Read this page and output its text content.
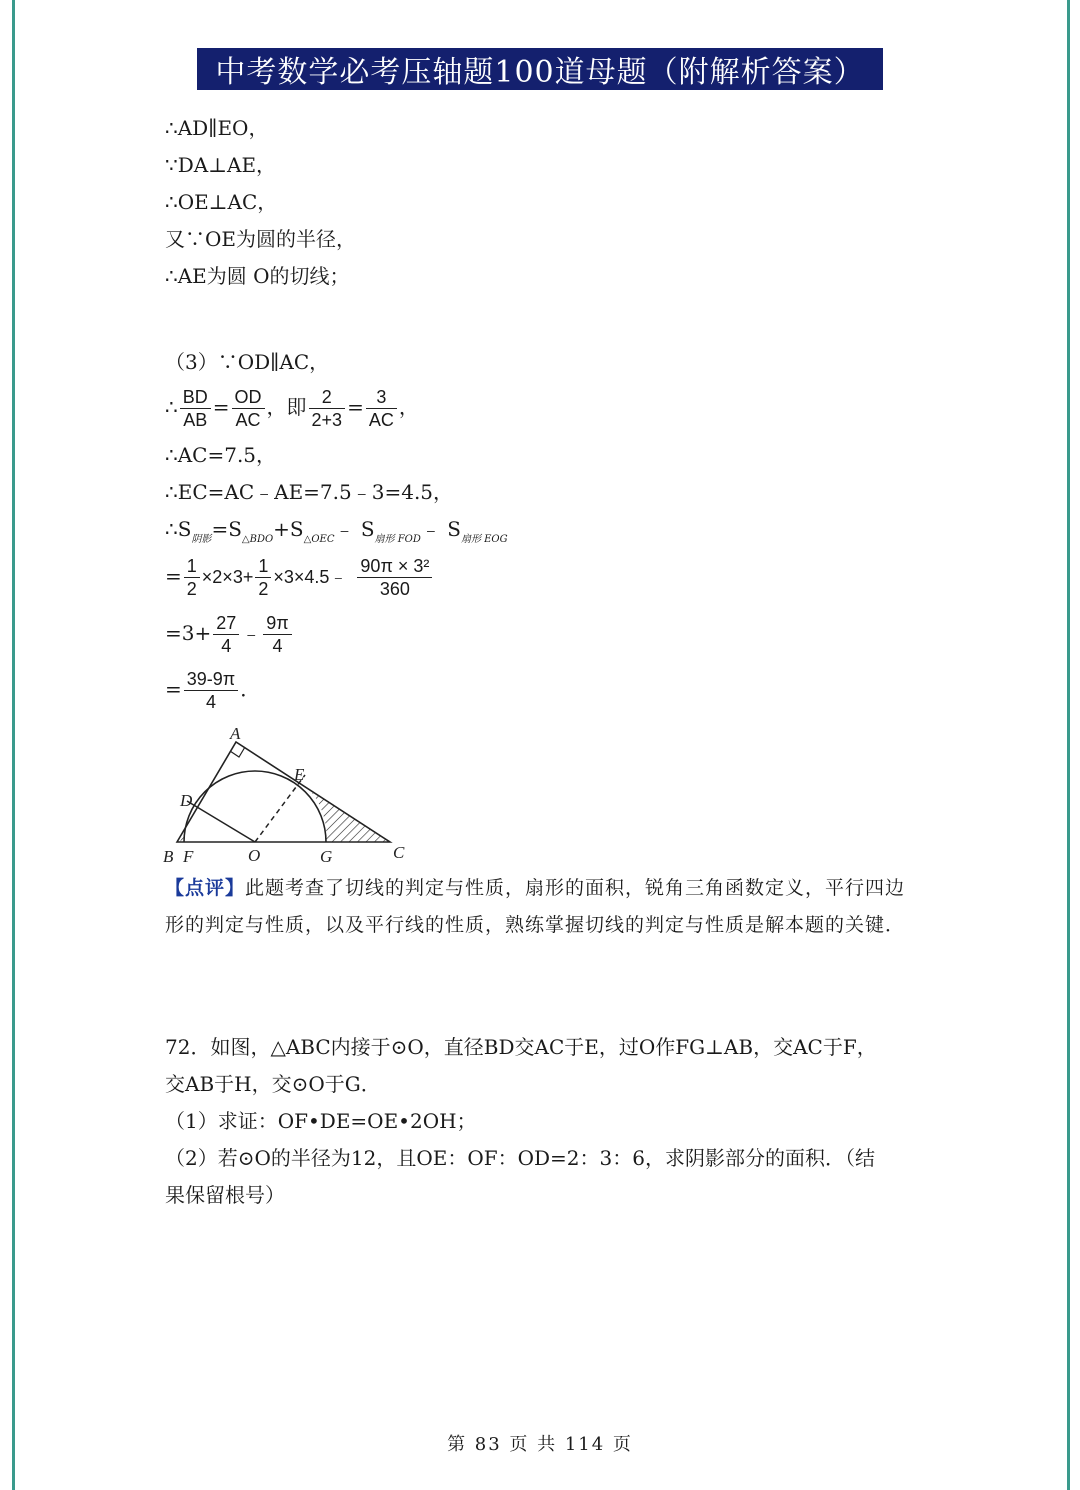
中考数学必考压轴题100道母题（附解析答案）
∴AD∥EO，
∵DA⊥AE，
∴OE⊥AC，
又∵OE为圆的半径，
∴AE为圆 O的切线；
（3）∵OD∥AC，
∴ $\frac{BD}{AB} = \frac{OD}{AC}$ ，即 $\frac{2}{2+3} = \frac{3}{AC}$ ，
∴AC=7.5，
∴EC=AC﹣AE=7.5﹣3=4.5，
$\therefore S_{阴影}=S_{\triangle BDO}+S_{\triangle OEC}﹣$ $S_{扇形 FOD}﹣$ $S_{扇形 EOG}$
= $\frac{1}{2} \times 2\times 3+ \frac{1}{2}$ ×3×4.5﹣ $\frac{\text{90π × 3²}}{360}$
$=3+ \frac{27}{4}$ ﹣ $\frac{9\pi}{4}$
= $\frac{39-9\pi}{4}$ ．
A
B	C
D
E
F	O	G
【点评】此题考查了切线的判定与性质，扇形的面积，锐角三角函数定义，平行四边形的判定与性质，以及平行线的性质，熟练掌握切线的判定与性质是解本题的关键．
72．如图，△ABC内接于⊙O，直径BD交AC于E，过O作FG⊥AB，交AC于F，
交AB于H，交⊙O于G．
（1）求证：OF•DE=OE•2OH；
（2）若⊙O的半径为12，且OE：OF：OD=2：3：6，求阴影部分的面积．（结
果保留根号）
第 83 页 共 114 页
